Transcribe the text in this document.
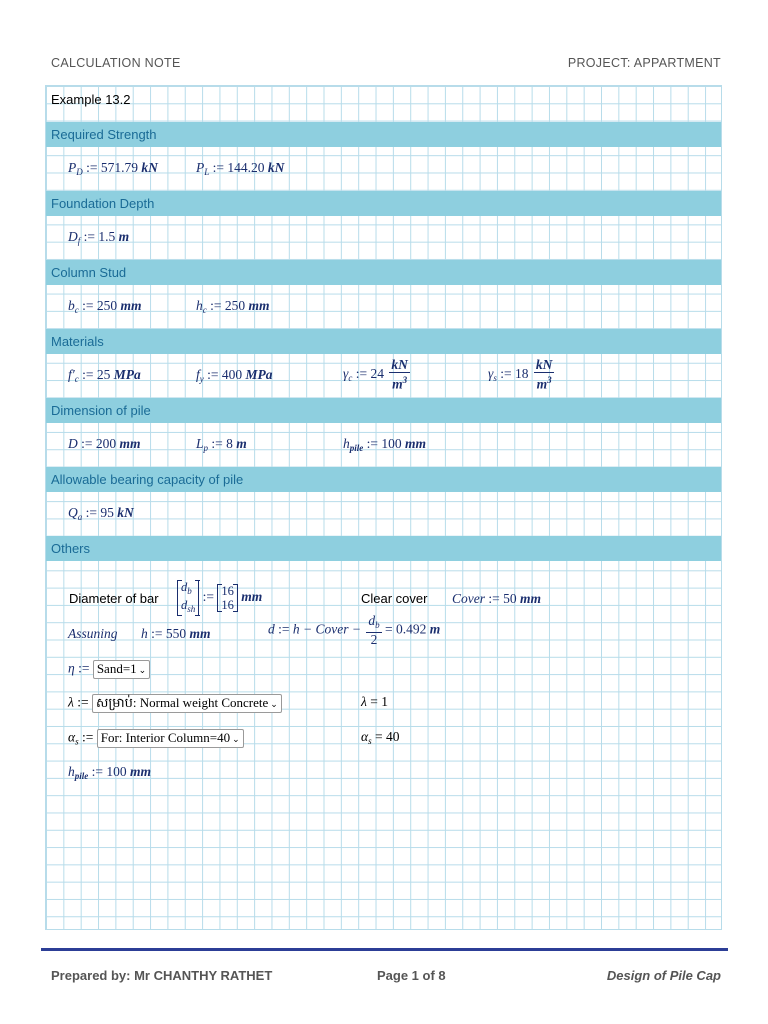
CALCULATION NOTE	PROJECT: APPARTMENT
Example 13.2
Required Strength
$P_D$ := 571.79 kN	$P_L$ := 144.20 kN
Foundation Depth
$D_f$ := 1.5 m
Column Stud
$b_c$ := 250 mm	$h_c$ := 250 mm
Materials
$f'_c$ := 25 MPa	$f_y$ := 400 MPa	$\gamma_c$ := $24 \frac{kN}{m^3}$	$\gamma_s$ := $18 \frac{kN}{m^3}$
Dimension of pile
D := 200 mm	$L_p$ := 8 m	$h_{pile}$ := 100 mm
Allowable bearing capacity of pile
$Q_a$ := 95 kN
Others
Diameter of bar
$d_b$
$d_{sh}$
:= 16
16
mm	Clear cover Cover := 50 mm
Assuning h := 550 mm	d := h − Cover − $\frac{d_b}{2} = 0.492$ m
η := Sand=1 ⌄
λ := សម្រាប់: Normal weight Concrete ⌄	λ = 1
$\alpha_s$ := For: Interior Column=40 ⌄	$\alpha_s = 40$
$h_{pile}$ := 100 mm
Prepared by: Mr CHANTHY RATHET	Page 1 of 8	Design of Pile Cap
